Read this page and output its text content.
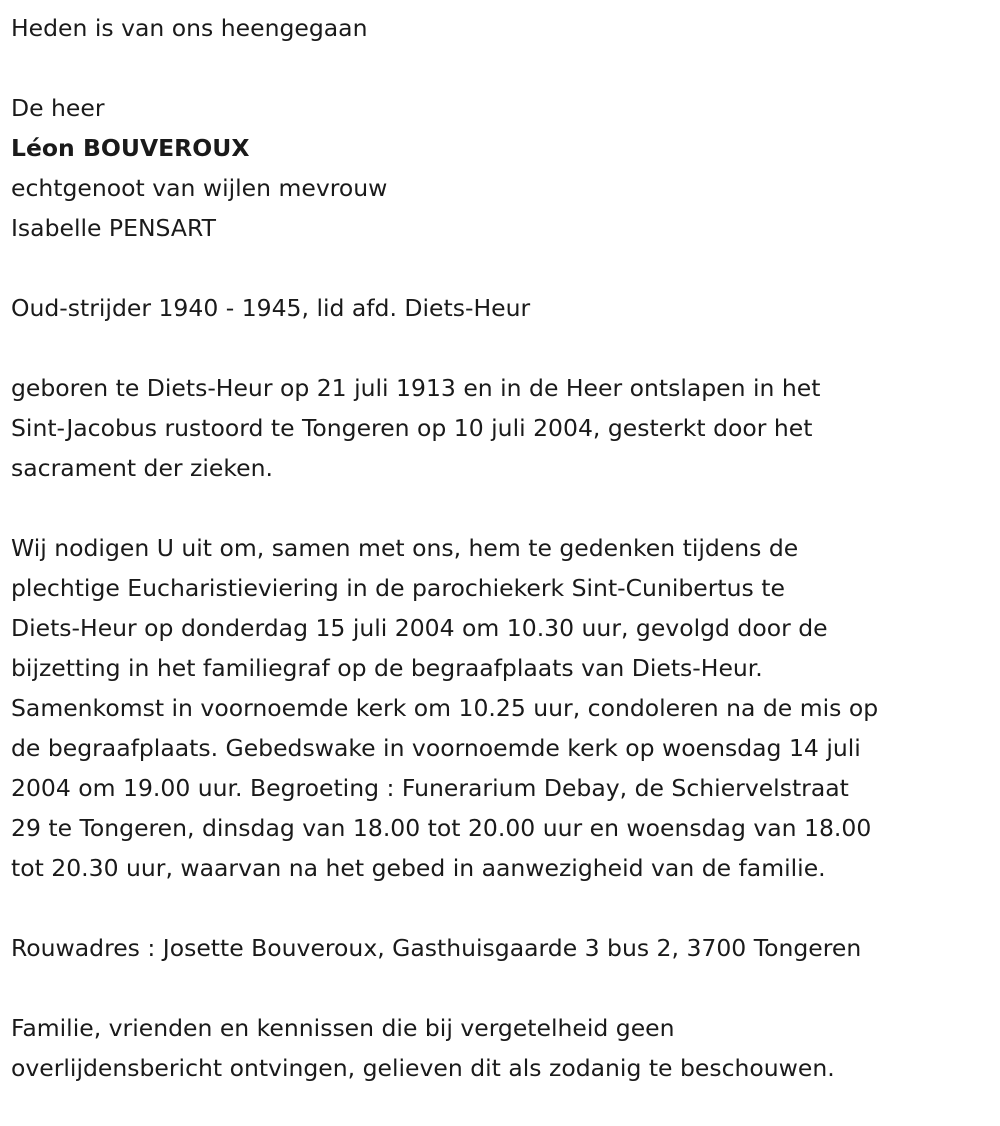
Heden is van ons heengegaan

De heer

Léon BOUVEROUX

echtgenoot van wijlen mevrouw

Isabelle PENSART

Oud-strijder 1940 - 1945, lid afd. Diets-Heur

geboren te Diets-Heur op 21 juli 1913 en in de Heer ontslapen in het

Sint-Jacobus rustoord te Tongeren op 10 juli 2004, gesterkt door het

sacrament der zieken.

Wij nodigen U uit om, samen met ons, hem te gedenken tijdens de

plechtige Eucharistieviering in de parochiekerk Sint-Cunibertus te

Diets-Heur op donderdag 15 juli 2004 om 10.30 uur, gevolgd door de

bijzetting in het familiegraf op de begraafplaats van Diets-Heur.

Samenkomst in voornoemde kerk om 10.25 uur, condoleren na de mis op

de begraafplaats. Gebedswake in voornoemde kerk op woensdag 14 juli

2004 om 19.00 uur. Begroeting : Funerarium Debay, de Schiervelstraat

29 te Tongeren, dinsdag van 18.00 tot 20.00 uur en woensdag van 18.00

tot 20.30 uur, waarvan na het gebed in aanwezigheid van de familie.

Rouwadres : Josette Bouveroux, Gasthuisgaarde 3 bus 2, 3700 Tongeren

Familie, vrienden en kennissen die bij vergetelheid geen

overlijdensbericht ontvingen, gelieven dit als zodanig te beschouwen.
